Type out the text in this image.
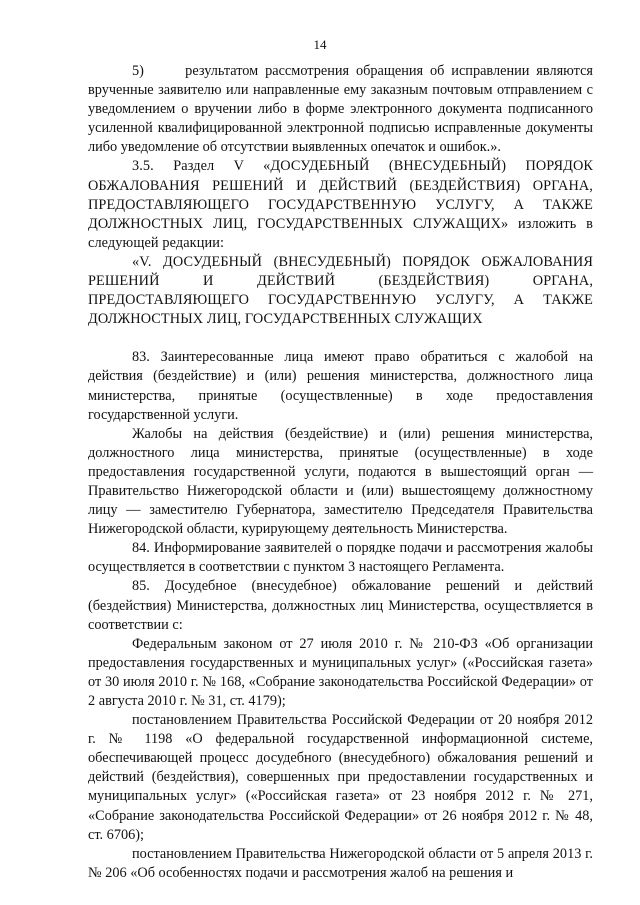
14

5)      результатом рассмотрения обращения об исправлении являются врученные заявителю или направленные ему заказным почтовым отправлением с уведомлением о вручении либо в форме электронного документа подписанного усиленной квалифицированной электронной подписью исправленные документы либо уведомление об отсутствии выявленных опечаток и ошибок.».

3.5. Раздел V «ДОСУДЕБНЫЙ (ВНЕСУДЕБНЫЙ) ПОРЯДОК ОБЖАЛОВАНИЯ РЕШЕНИЙ И ДЕЙСТВИЙ (БЕЗДЕЙСТВИЯ) ОРГАНА, ПРЕДОСТАВЛЯЮЩЕГО ГОСУДАРСТВЕННУЮ УСЛУГУ, А ТАКЖЕ ДОЛЖНОСТНЫХ ЛИЦ, ГОСУДАРСТВЕННЫХ СЛУЖАЩИХ» изложить в следующей редакции:

«V. ДОСУДЕБНЫЙ (ВНЕСУДЕБНЫЙ) ПОРЯДОК ОБЖАЛОВАНИЯ РЕШЕНИЙ И ДЕЙСТВИЙ (БЕЗДЕЙСТВИЯ) ОРГАНА, ПРЕДОСТАВЛЯЮЩЕГО ГОСУДАРСТВЕННУЮ УСЛУГУ, А ТАКЖЕ ДОЛЖНОСТНЫХ ЛИЦ, ГОСУДАРСТВЕННЫХ СЛУЖАЩИХ

83. Заинтересованные лица имеют право обратиться с жалобой на действия (бездействие) и (или) решения министерства, должностного лица министерства, принятые (осуществленные) в ходе предоставления государственной услуги.

Жалобы на действия (бездействие) и (или) решения министерства, должностного лица министерства, принятые (осуществленные) в ходе предоставления государственной услуги, подаются в вышестоящий орган — Правительство Нижегородской области и (или) вышестоящему должностному лицу — заместителю Губернатора, заместителю Председателя Правительства Нижегородской области, курирующему деятельность Министерства.

84. Информирование заявителей о порядке подачи и рассмотрения жалобы осуществляется в соответствии с пунктом 3 настоящего Регламента.

85. Досудебное (внесудебное) обжалование решений и действий (бездействия) Министерства, должностных лиц Министерства, осуществляется в соответствии с:

Федеральным законом от 27 июля 2010 г. № 210-ФЗ «Об организации предоставления государственных и муниципальных услуг» («Российская газета» от 30 июля 2010 г. № 168, «Собрание законодательства Российской Федерации» от 2 августа 2010 г. № 31, ст. 4179);

постановлением Правительства Российской Федерации от 20 ноября 2012 г. № 1198 «О федеральной государственной информационной системе, обеспечивающей процесс досудебного (внесудебного) обжалования решений и действий (бездействия), совершенных при предоставлении государственных и муниципальных услуг» («Российская газета» от 23 ноября 2012 г. № 271, «Собрание законодательства Российской Федерации» от 26 ноября 2012 г. № 48, ст. 6706);

постановлением Правительства Нижегородской области от 5 апреля 2013 г. № 206 «Об особенностях подачи и рассмотрения жалоб на решения и
